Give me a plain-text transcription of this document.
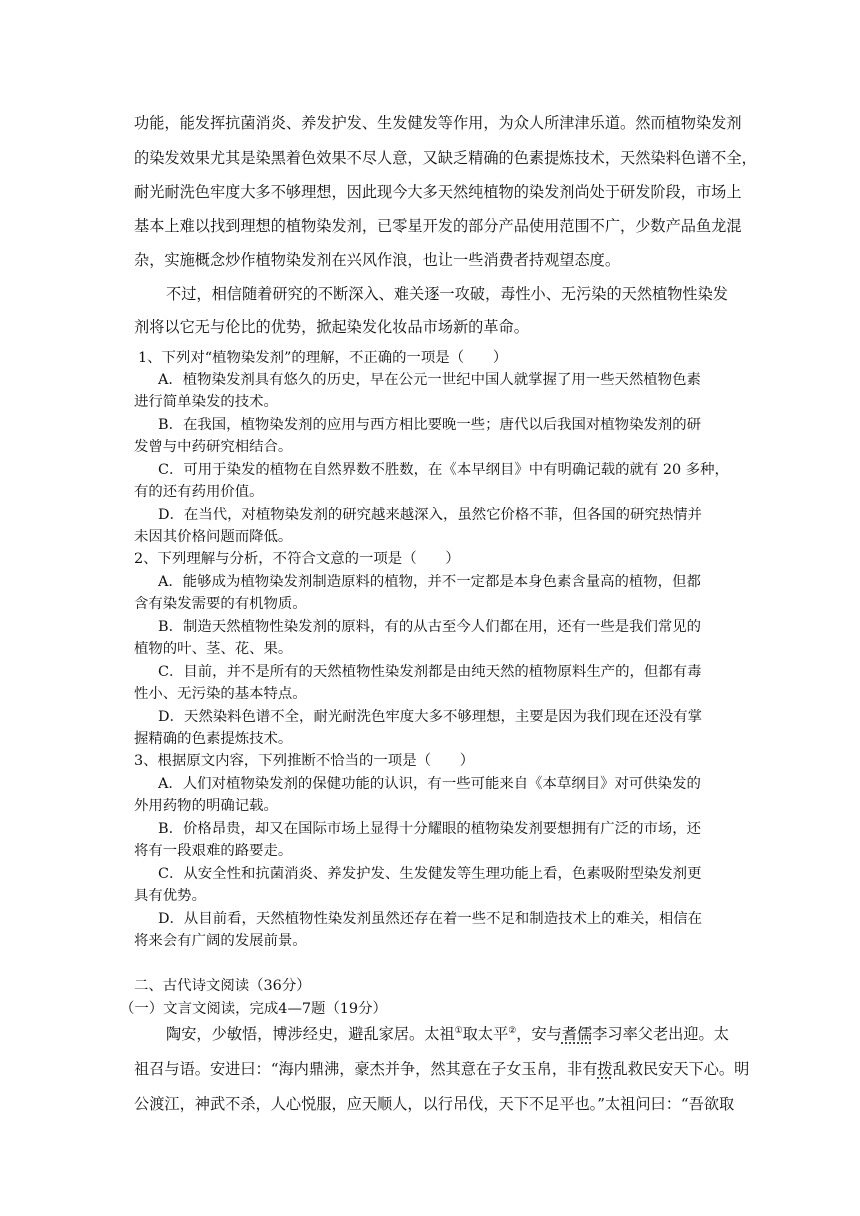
功能，能发挥抗菌消炎、养发护发、生发健发等作用，为众人所津津乐道。然而植物染发剂
的染发效果尤其是染黑着色效果不尽人意，又缺乏精确的色素提炼技术，天然染料色谱不全，
耐光耐洗色牢度大多不够理想，因此现今大多天然纯植物的染发剂尚处于研发阶段，市场上
基本上难以找到理想的植物染发剂，已零星开发的部分产品使用范围不广，少数产品鱼龙混
杂，实施概念炒作植物染发剂在兴风作浪，也让一些消费者持观望态度。
不过，相信随着研究的不断深入、难关逐一攻破，毒性小、无污染的天然植物性染发
剂将以它无与伦比的优势，掀起染发化妆品市场新的革命。
1、下列对“植物染发剂”的理解，不正确的一项是（　　）
A．植物染发剂具有悠久的历史，早在公元一世纪中国人就掌握了用一些天然植物色素
进行简单染发的技术。
B．在我国，植物染发剂的应用与西方相比要晚一些；唐代以后我国对植物染发剂的研
发曾与中药研究相结合。
C．可用于染发的植物在自然界数不胜数，在《本早纲目》中有明确记载的就有 20 多种，
有的还有药用价值。
D．在当代，对植物染发剂的研究越来越深入，虽然它价格不菲，但各国的研究热情并
未因其价格问题而降低。
2、下列理解与分析，不符合文意的一项是（　　）
A．能够成为植物染发剂制造原料的植物，并不一定都是本身色素含量高的植物，但都
含有染发需要的有机物质。
B．制造天然植物性染发剂的原料，有的从古至今人们都在用，还有一些是我们常见的
植物的叶、茎、花、果。
C．目前，并不是所有的天然植物性染发剂都是由纯天然的植物原料生产的，但都有毒
性小、无污染的基本特点。
D．天然染料色谱不全，耐光耐洗色牢度大多不够理想，主要是因为我们现在还没有掌
握精确的色素提炼技术。
3、根据原文内容，下列推断不恰当的一项是（　　）
A．人们对植物染发剂的保健功能的认识，有一些可能来自《本草纲目》对可供染发的
外用药物的明确记载。
B．价格昂贵，却又在国际市场上显得十分耀眼的植物染发剂要想拥有广泛的市场，还
将有一段艰难的路要走。
C．从安全性和抗菌消炎、养发护发、生发健发等生理功能上看，色素吸附型染发剂更
具有优势。
D．从目前看，天然植物性染发剂虽然还存在着一些不足和制造技术上的难关，相信在
将来会有广阔的发展前景。
二、古代诗文阅读（36分）
（一）文言文阅读，完成4—7题（19分）
陶安，少敏悟，博涉经史，避乱家居。太祖①取太平②，安与耆儒李习率父老出迎。太
祖召与语。安进曰：“海内鼎沸，豪杰并争，然其意在子女玉帛，非有拨乱救民安天下心。明
公渡江，神武不杀，人心悦服，应天顺人，以行吊伐，天下不足平也。”太祖问曰：“吾欲取
